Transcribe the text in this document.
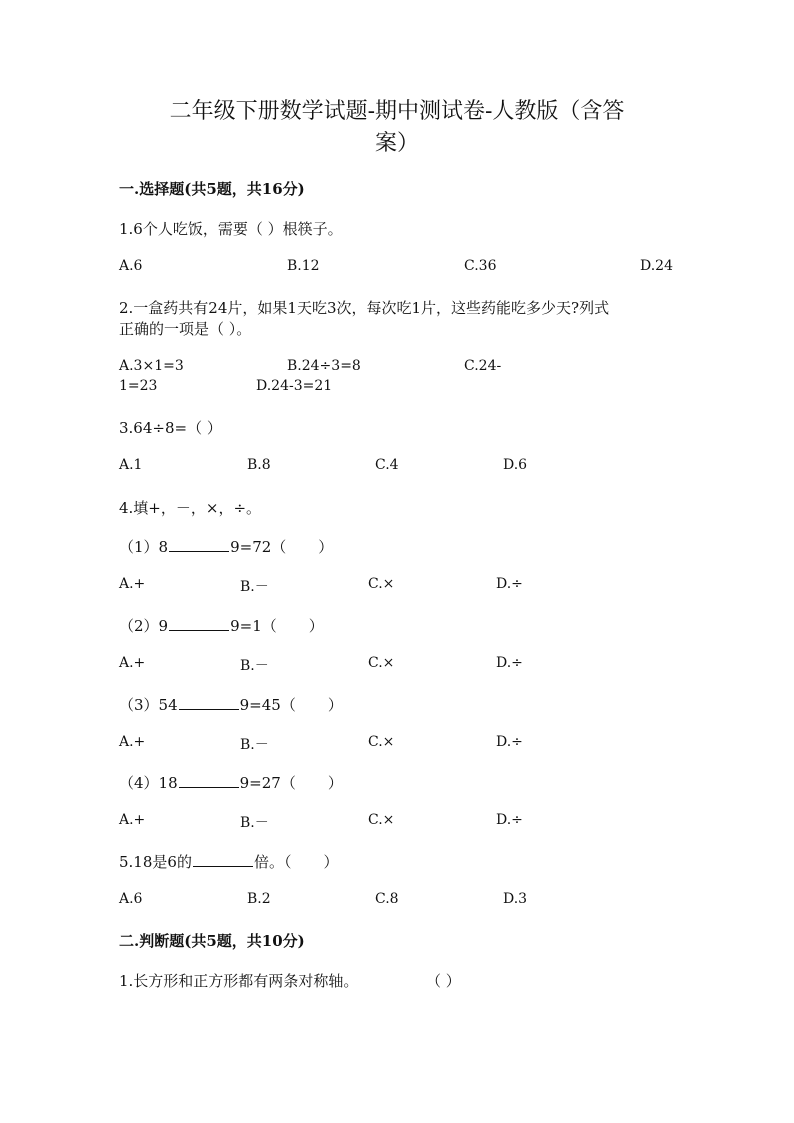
二年级下册数学试题-期中测试卷-人教版（含答
案）
一.选择题(共5题，共16分)
1.6个人吃饭，需要（ ）根筷子。
A.6	B.12	C.36	D.24
2.一盒药共有24片，如果1天吃3次，每次吃1片，这些药能吃多少天?列式
正确的一项是（ ）。
A.3×1=3	B.24÷3=8	C.24-
1=23	D.24-3=21
3.64÷8=（ ）
A.1	B.8	C.4	D.6
4.填+，－，×，÷。
（1）8	9=72（ ）
A.+	B.－	C.×	D.÷
（2）9	9=1（ ）
A.+	B.－	C.×	D.÷
（3）54	9=45（ ）
A.+	B.－	C.×	D.÷
（4）18	9=27（ ）
A.+	B.－	C.×	D.÷
5.18是6的	倍。（ ）
A.6	B.2	C.8	D.3
二.判断题(共5题，共10分)
1.长方形和正方形都有两条对称轴。	（ ）
